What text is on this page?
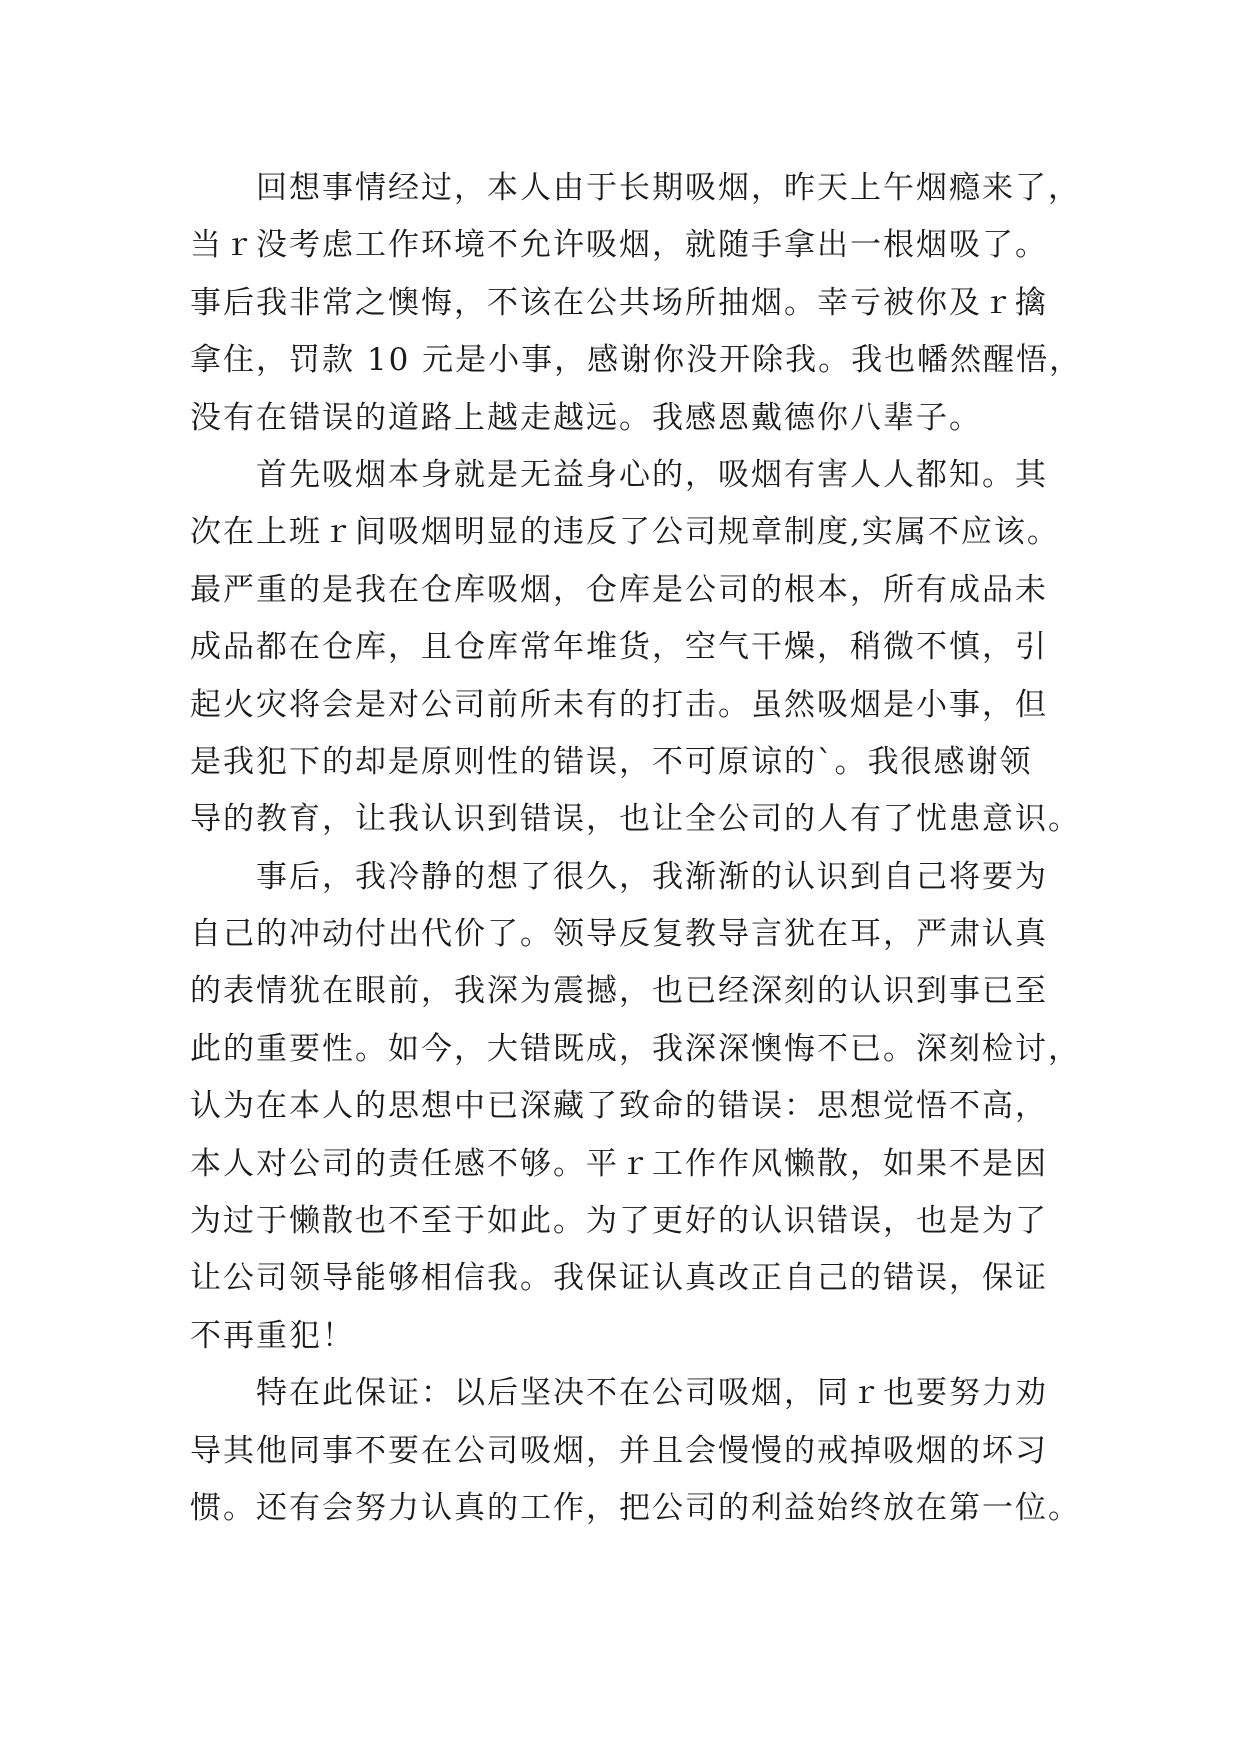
回想事情经过，本人由于长期吸烟，昨天上午烟瘾来了，
当ｒ没考虑工作环境不允许吸烟，就随手拿出一根烟吸了。
事后我非常之懊悔，不该在公共场所抽烟。幸亏被你及ｒ擒
拿住，罚款 10 元是小事，感谢你没开除我。我也幡然醒悟，
没有在错误的道路上越走越远。我感恩戴德你八辈子。
首先吸烟本身就是无益身心的，吸烟有害人人都知。其
次在上班ｒ间吸烟明显的违反了公司规章制度,实属不应该。
最严重的是我在仓库吸烟，仓库是公司的根本，所有成品未
成品都在仓库，且仓库常年堆货，空气干燥，稍微不慎，引
起火灾将会是对公司前所未有的打击。虽然吸烟是小事，但
是我犯下的却是原则性的错误，不可原谅的`。我很感谢领
导的教育，让我认识到错误，也让全公司的人有了忧患意识。
事后，我冷静的想了很久，我渐渐的认识到自己将要为
自己的冲动付出代价了。领导反复教导言犹在耳，严肃认真
的表情犹在眼前，我深为震撼，也已经深刻的认识到事已至
此的重要性。如今，大错既成，我深深懊悔不已。深刻检讨，
认为在本人的思想中已深藏了致命的错误：思想觉悟不高，
本人对公司的责任感不够。平ｒ工作作风懒散，如果不是因
为过于懒散也不至于如此。为了更好的认识错误，也是为了
让公司领导能够相信我。我保证认真改正自己的错误，保证
不再重犯！
特在此保证：以后坚决不在公司吸烟，同ｒ也要努力劝
导其他同事不要在公司吸烟，并且会慢慢的戒掉吸烟的坏习
惯。还有会努力认真的工作，把公司的利益始终放在第一位。
